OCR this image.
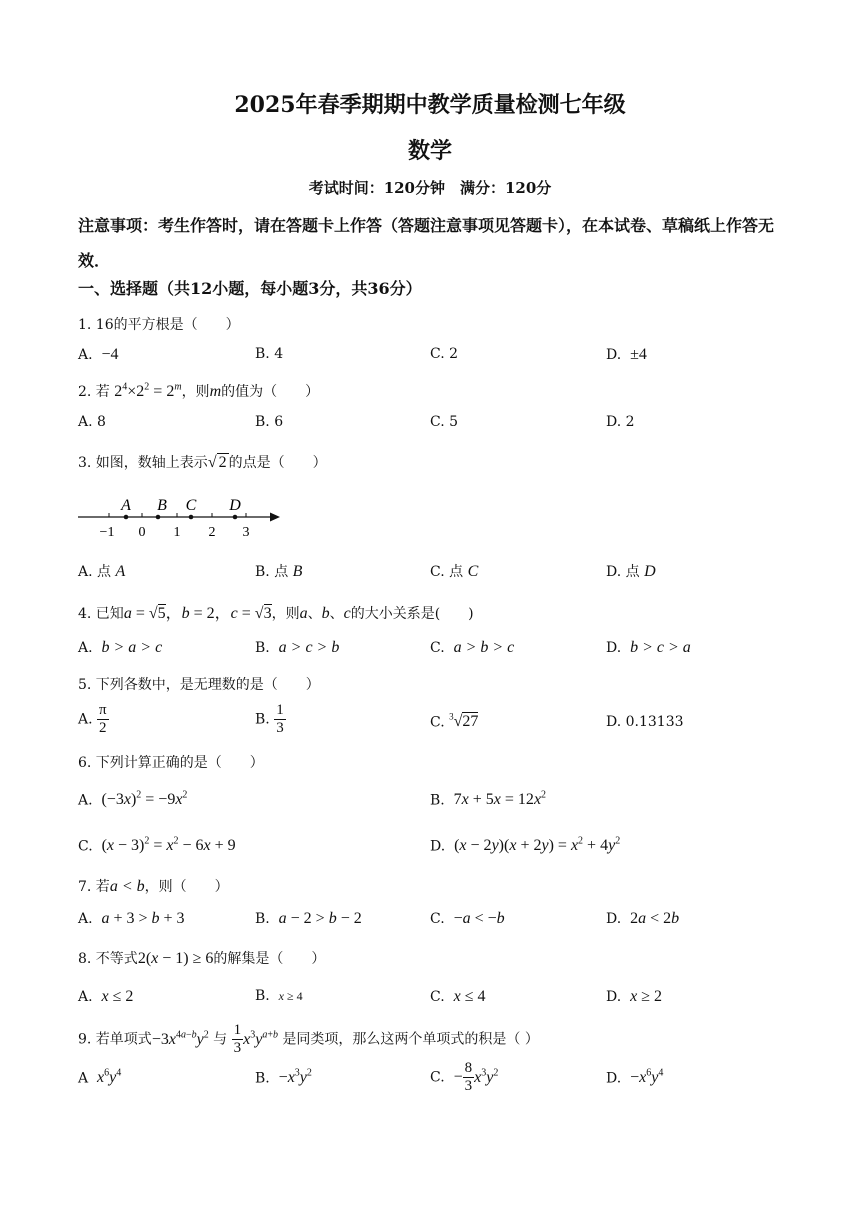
2025年春季期期中教学质量检测七年级
数学
考试时间：120分钟　满分：120分
注意事项：考生作答时，请在答题卡上作答（答题注意事项见答题卡），在本试卷、草稿纸上作答无效．
一、选择题（共12小题，每小题3分，共36分）
1. 16的平方根是（　　）
A. −4	B. 4	C. 2	D. ±4
2. 若 $2^4\times 2^2 = 2^m$，则m的值为（　　）
A. 8	B. 6	C. 5	D. 2
3. 如图，数轴上表示√ 2 的点是（　　）
A B C D
−1 0 1 2 3
A. 点 A	B. 点 B	C. 点 C	D. 点 D
4. 已知a = √5，b = 2，c = √3，则a、b、c的大小关系是(　　)
A. b > a > c	B. a > c > b	C. a > b > c	D. b > c > a
5. 下列各数中，是无理数的是（　　）
A. $\frac{\pi}{2}$	B. $\frac{1}{3}$	C. $^3$√27	D. 0.13133
6. 下列计算正确的是（　　）
A. $(-3x)^2 = -9x^2$	B. $7x + 5x = 12x^2$
C. $(x - 3)^2 = x^2 - 6x + 9$	D. $(x - 2y)(x + 2y) = x^2 + 4y^2$
7. 若a < b，则（　　）
A. a + 3 > b + 3	B. a − 2 > b − 2	C. −a < −b	D. 2a < 2b
8. 不等式2(x − 1) ≥ 6的解集是（　　）
A. x ≤ 2	B. x ≥ 4	C. x ≤ 4	D. x ≥ 2
9. 若单项式$-3x^{4a-b}y^2$ 与 $\frac{1}{3} x^3y^{a+b}$ 是同类项，那么这两个单项式的积是（ ）
A $x^6y^4$	B. $-x^3y^2$	C. − $\frac{8}{3} x^3y^2$	D. $-x^6y^4$
